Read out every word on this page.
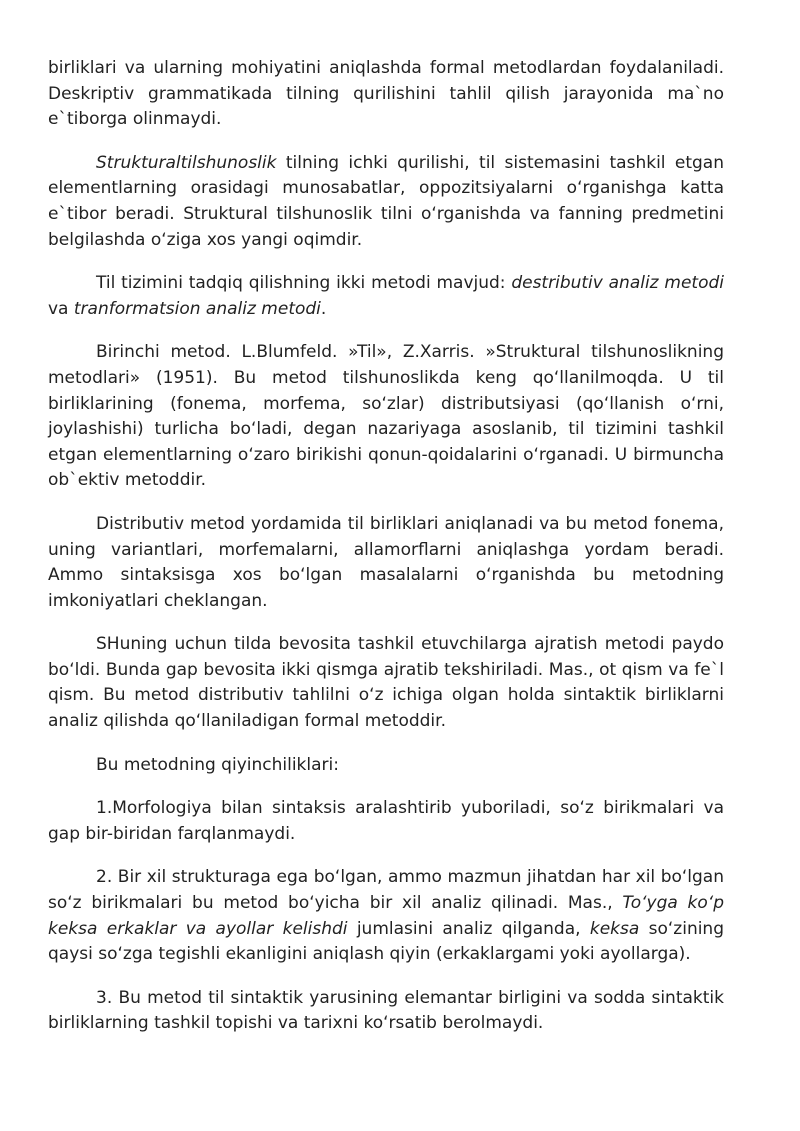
birliklari va ularning mohiyatini aniqlashda formal metodlardan foydalaniladi. Deskriptiv grammatikada tilning qurilishini tahlil qilish jarayonida ma`no e`tiborga olinmaydi.

Strukturaltilshunoslik tilning ichki qurilishi, til sistemasini tashkil etgan elementlarning orasidagi munosabatlar, oppozitsiyalarni o‘rganishga katta e`tibor beradi. Struktural tilshunoslik tilni o‘rganishda va fanning predmetini belgilashda o‘ziga xos yangi oqimdir.

Til tizimini tadqiq qilishning ikki metodi mavjud: destributiv analiz metodi va tranformatsion analiz metodi.

Birinchi metod. L.Blumfeld. »Til», Z.Xarris. »Struktural tilshunoslikning metodlari» (1951). Bu metod tilshunoslikda keng qo‘llanilmoqda. U til birliklarining (fonema, morfema, so‘zlar) distributsiyasi (qo‘llanish o‘rni, joylashishi) turlicha bo‘ladi, degan nazariyaga asoslanib, til tizimini tashkil etgan elementlarning o‘zaro birikishi qonun-qoidalarini o‘rganadi. U birmuncha ob`ektiv metoddir.

Distributiv metod yordamida til birliklari aniqlanadi va bu metod fonema, uning variantlari, morfemalarni, allamorflarni aniqlashga yordam beradi. Ammo sintaksisga xos bo‘lgan masalalarni o‘rganishda bu metodning imkoniyatlari cheklangan.

SHuning uchun tilda bevosita tashkil etuvchilarga ajratish metodi paydo bo‘ldi. Bunda gap bevosita ikki qismga ajratib tekshiriladi. Mas., ot qism va fe`l qism. Bu metod distributiv tahlilni o‘z ichiga olgan holda sintaktik birliklarni analiz qilishda qo‘llaniladigan formal metoddir.

Bu metodning qiyinchiliklari:

1.Morfologiya bilan sintaksis aralashtirib yuboriladi, so‘z birikmalari va gap bir-biridan farqlanmaydi.

2. Bir xil strukturaga ega bo‘lgan, ammo mazmun jihatdan har xil bo‘lgan so‘z birikmalari bu metod bo‘yicha bir xil analiz qilinadi. Mas., To‘yga ko‘p keksa erkaklar va ayollar kelishdi jumlasini analiz qilganda, keksa so‘zining qaysi so‘zga tegishli ekanligini aniqlash qiyin (erkaklargami yoki ayollarga).

3. Bu metod til sintaktik yarusining elemantar birligini va sodda sintaktik birliklarning tashkil topishi va tarixni ko‘rsatib berolmaydi.
